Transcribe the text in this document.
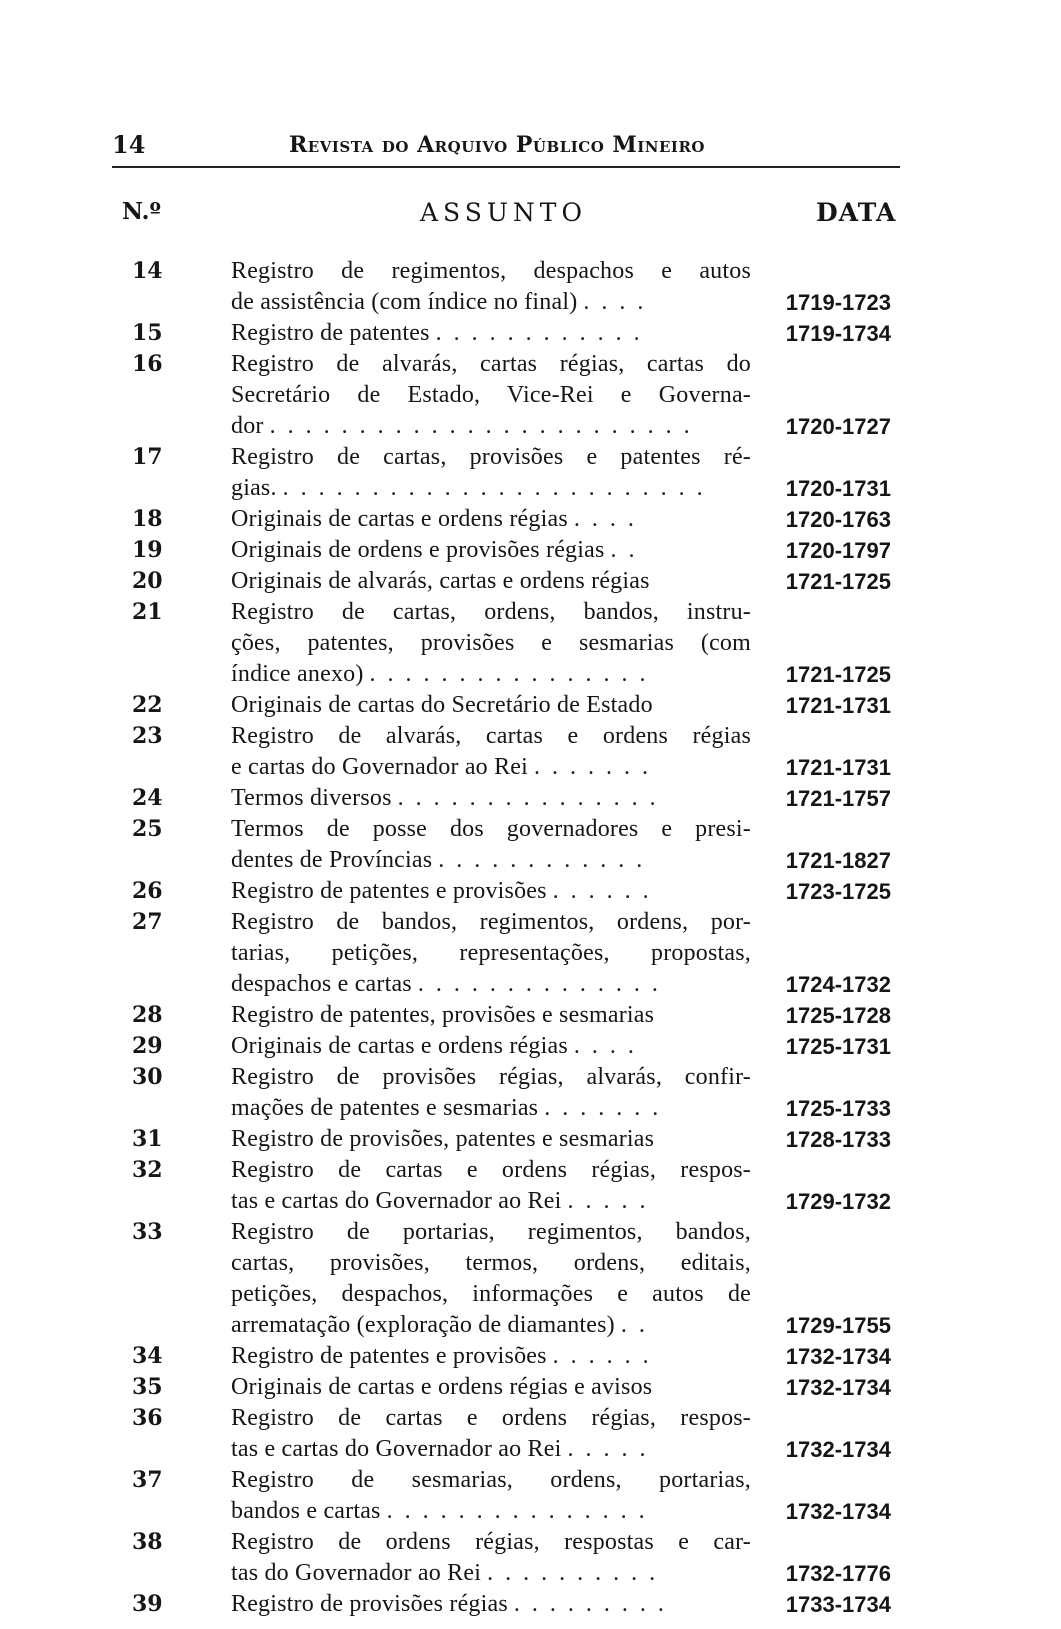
14	Revista do Arquivo Público Mineiro
N.º	ASSUNTO	DATA
14	Registro de regimentos, despachos e autos
de assistência (com índice no final) . . . .
	1719-1723
15	Registro de patentes . . . . . . . . . . . .	1719-1734
16	Registro de alvarás, cartas régias, cartas do
Secretário de Estado, Vice-Rei e Governa-
dor . . . . . . . . . . . . . . . . . . . . . . . .

	1720-1727
17	Registro de cartas, provisões e patentes ré-
gias. . . . . . . . . . . . . . . . . . . . . . . . .
	1720-1731
18	Originais de cartas e ordens régias . . . .	1720-1763
19	Originais de ordens e provisões régias . .	1720-1797
20	Originais de alvarás, cartas e ordens régias	1721-1725
21	Registro de cartas, ordens, bandos, instru-
ções, patentes, provisões e sesmarias (com
índice anexo) . . . . . . . . . . . . . . . .

	1721-1725
22	Originais de cartas do Secretário de Estado	1721-1731
23	Registro de alvarás, cartas e ordens régias
e cartas do Governador ao Rei . . . . . . .
	1721-1731
24	Termos diversos . . . . . . . . . . . . . . .	1721-1757
25	Termos de posse dos governadores e presi-
dentes de Províncias . . . . . . . . . . . .
	1721-1827
26	Registro de patentes e provisões . . . . . .	1723-1725
27	Registro de bandos, regimentos, ordens, por-
tarias, petições, representações, propostas,
despachos e cartas . . . . . . . . . . . . . .

	1724-1732
28	Registro de patentes, provisões e sesmarias	1725-1728
29	Originais de cartas e ordens régias . . . .	1725-1731
30	Registro de provisões régias, alvarás, confir-
mações de patentes e sesmarias . . . . . . .
	1725-1733
31	Registro de provisões, patentes e sesmarias	1728-1733
32	Registro de cartas e ordens régias, respos-
tas e cartas do Governador ao Rei . . . . .
	1729-1732
33	Registro de portarias, regimentos, bandos,
cartas, provisões, termos, ordens, editais,
petições, despachos, informações e autos de
arrematação (exploração de diamantes) . .

	1729-1755
34	Registro de patentes e provisões . . . . . .	1732-1734
35	Originais de cartas e ordens régias e avisos	1732-1734
36	Registro de cartas e ordens régias, respos-
tas e cartas do Governador ao Rei . . . . .
	1732-1734
37	Registro de sesmarias, ordens, portarias,
bandos e cartas . . . . . . . . . . . . . . .
	1732-1734
38	Registro de ordens régias, respostas e car-
tas do Governador ao Rei . . . . . . . . . .
	1732-1776
39	Registro de provisões régias . . . . . . . . .	1733-1734
